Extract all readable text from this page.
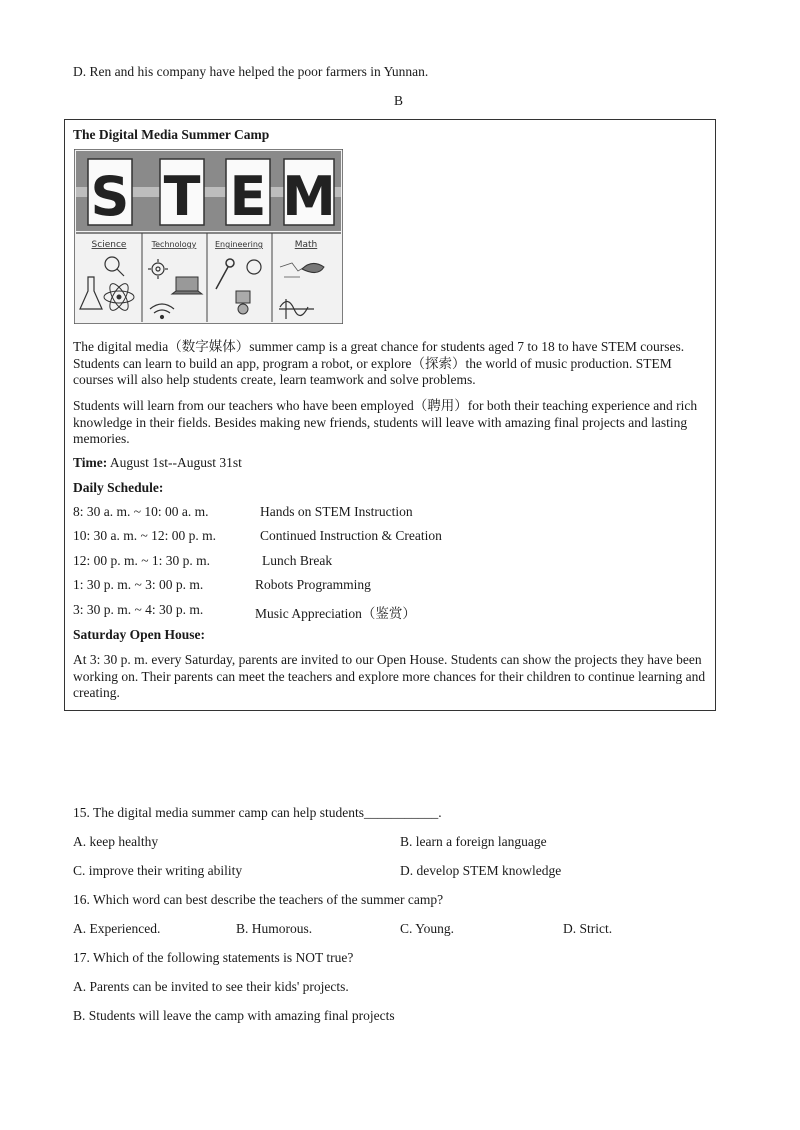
D. Ren and his company have helped the poor farmers in Yunnan.
B
The Digital Media Summer Camp
S T E M
Science	Technology Engineering	Math
The digital media（数字媒体）summer camp is a great chance for students aged 7 to 18 to have STEM courses. Students can learn to build an app, program a robot, or explore（探索）the world of music production. STEM courses will also help students create, learn teamwork and solve problems.
Students will learn from our teachers who have been employed（聘用）for both their teaching experience and rich knowledge in their fields. Besides making new friends, students will leave with amazing final projects and lasting memories.
Time: August 1st--August 31st
Daily Schedule:
8: 30 a. m. ~ 10: 00 a. m.	Hands on STEM Instruction
10: 30 a. m. ~ 12: 00 p. m.	Continued Instruction & Creation
12: 00 p. m. ~ 1: 30 p. m.	Lunch Break
1: 30 p. m. ~ 3: 00 p. m.	Robots Programming
3: 30 p. m. ~ 4: 30 p. m.	Music Appreciation（鉴赏）
Saturday Open House:
At 3: 30 p. m. every Saturday, parents are invited to our Open House. Students can show the projects they have been working on. Their parents can meet the teachers and explore more chances for their children to continue learning and creating.
15. The digital media summer camp can help students___________.
A. keep healthy	B. learn a foreign language
C. improve their writing ability	D. develop STEM knowledge
16. Which word can best describe the teachers of the summer camp?
A. Experienced.	B. Humorous.	C. Young.	D. Strict.
17. Which of the following statements is NOT true?
A. Parents can be invited to see their kids' projects.
B. Students will leave the camp with amazing final projects
